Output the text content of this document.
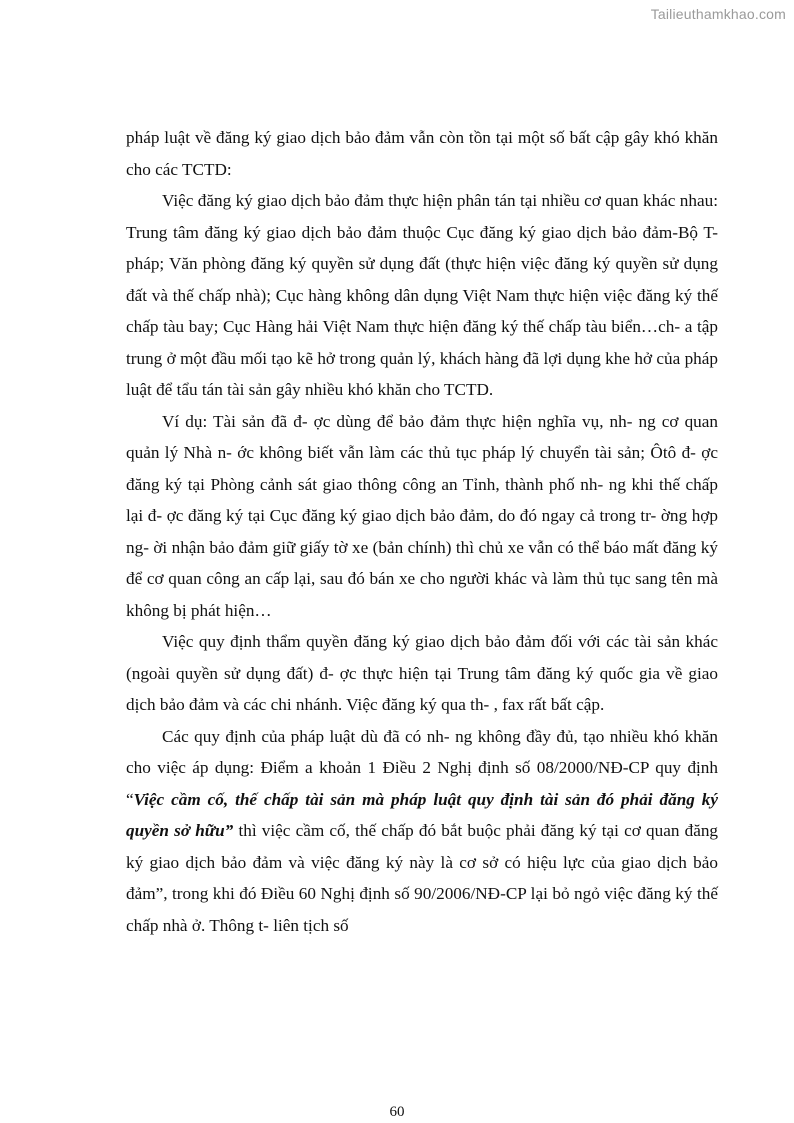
Tailieuthamkhao.com

pháp luật về đăng ký giao dịch bảo đảm vẫn còn tồn tại một số bất cập gây khó khăn cho các TCTD:

Việc đăng ký giao dịch bảo đảm thực hiện phân tán tại nhiều cơ quan khác nhau: Trung tâm đăng ký giao dịch bảo đảm thuộc Cục đăng ký giao dịch bảo đảm-Bộ T- pháp; Văn phòng đăng ký quyền sử dụng đất (thực hiện việc đăng ký quyền sử dụng đất và thế chấp nhà); Cục hàng không dân dụng Việt Nam thực hiện việc đăng ký thế chấp tàu bay; Cục Hàng hải Việt Nam thực hiện đăng ký thế chấp tàu biển…ch- a tập trung ở một đầu mối tạo kẽ hở trong quản lý, khách hàng đã lợi dụng khe hở của pháp luật để tẩu tán tài sản gây nhiều khó khăn cho TCTD.

Ví dụ: Tài sản đã đ- ợc dùng để bảo đảm thực hiện nghĩa vụ, nh- ng cơ quan quản lý Nhà n- ớc không biết vẫn làm các thủ tục pháp lý chuyển tài sản; Ôtô đ- ợc đăng ký tại Phòng cảnh sát giao thông công an Tỉnh, thành phố nh- ng khi thế chấp lại đ- ợc đăng ký tại Cục đăng ký giao dịch bảo đảm, do đó ngay cả trong tr- ờng hợp ng- ời nhận bảo đảm giữ giấy tờ xe (bản chính) thì chủ xe vẫn có thể báo mất đăng ký để cơ quan công an cấp lại, sau đó bán xe cho người khác và làm thủ tục sang tên mà không bị phát hiện…

Việc quy định thẩm quyền đăng ký giao dịch bảo đảm đối với các tài sản khác (ngoài quyền sử dụng đất) đ- ợc thực hiện tại Trung tâm đăng ký quốc gia về giao dịch bảo đảm và các chi nhánh. Việc đăng ký qua th- , fax rất bất cập.

Các quy định của pháp luật dù đã có nh- ng không đầy đủ, tạo nhiều khó khăn cho việc áp dụng: Điểm a khoản 1 Điều 2 Nghị định số 08/2000/NĐ-CP quy định “Việc cầm cố, thế chấp tài sản mà pháp luật quy định tài sản đó phải đăng ký quyền sở hữu” thì việc cầm cố, thế chấp đó bắt buộc phải đăng ký tại cơ quan đăng ký giao dịch bảo đảm và việc đăng ký này là cơ sở có hiệu lực của giao dịch bảo đảm”, trong khi đó Điều 60 Nghị định số 90/2006/NĐ-CP lại bỏ ngỏ việc đăng ký thế chấp nhà ở. Thông t- liên tịch số

60
